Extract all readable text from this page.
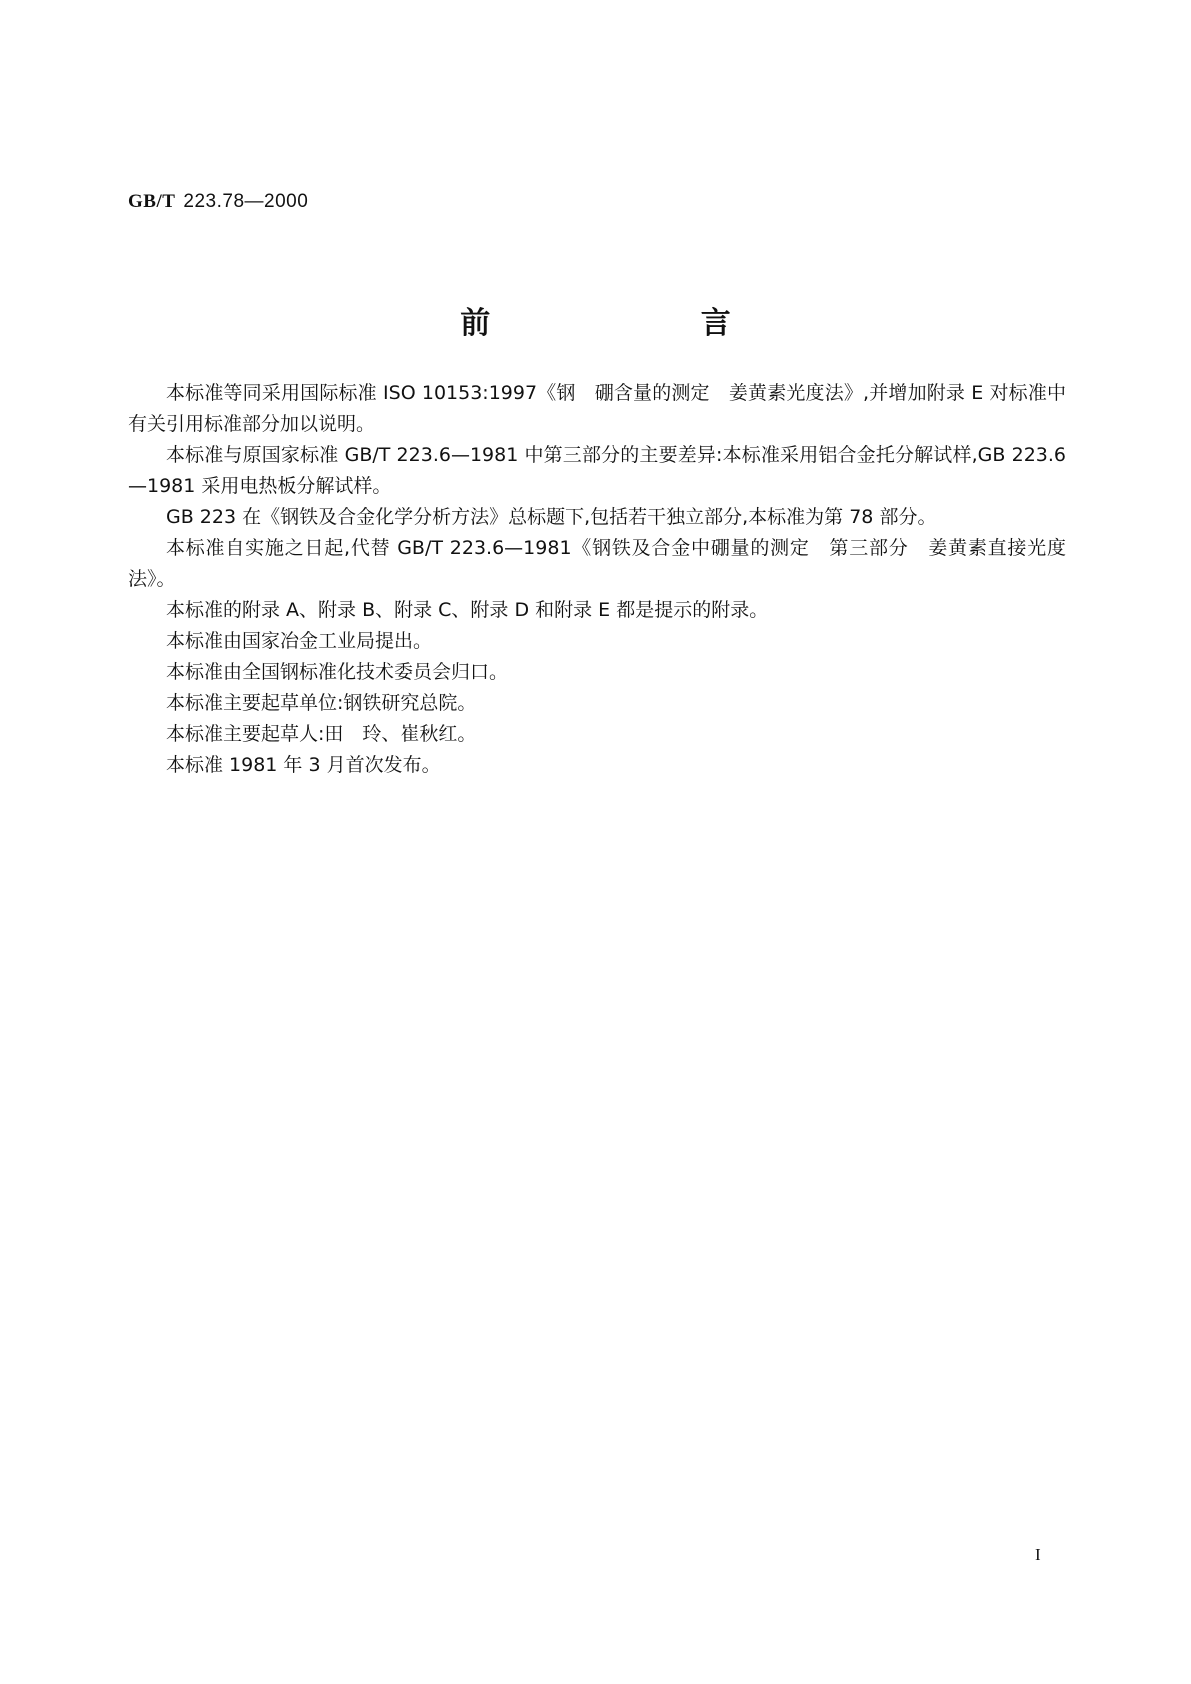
GB/T 223.78—2000
前 言

本标准等同采用国际标准 ISO 10153:1997《钢　硼含量的测定　姜黄素光度法》,并增加附录 E 对标准中有关引用标准部分加以说明。

本标准与原国家标准 GB/T 223.6—1981 中第三部分的主要差异:本标准采用铝合金托分解试样,GB 223.6—1981 采用电热板分解试样。

GB 223 在《钢铁及合金化学分析方法》总标题下,包括若干独立部分,本标准为第 78 部分。

本标准自实施之日起,代替 GB/T 223.6—1981《钢铁及合金中硼量的测定　第三部分　姜黄素直接光度法》。

本标准的附录 A、附录 B、附录 C、附录 D 和附录 E 都是提示的附录。

本标准由国家冶金工业局提出。

本标准由全国钢标准化技术委员会归口。

本标准主要起草单位:钢铁研究总院。

本标准主要起草人:田　玲、崔秋红。

本标准 1981 年 3 月首次发布。

I
